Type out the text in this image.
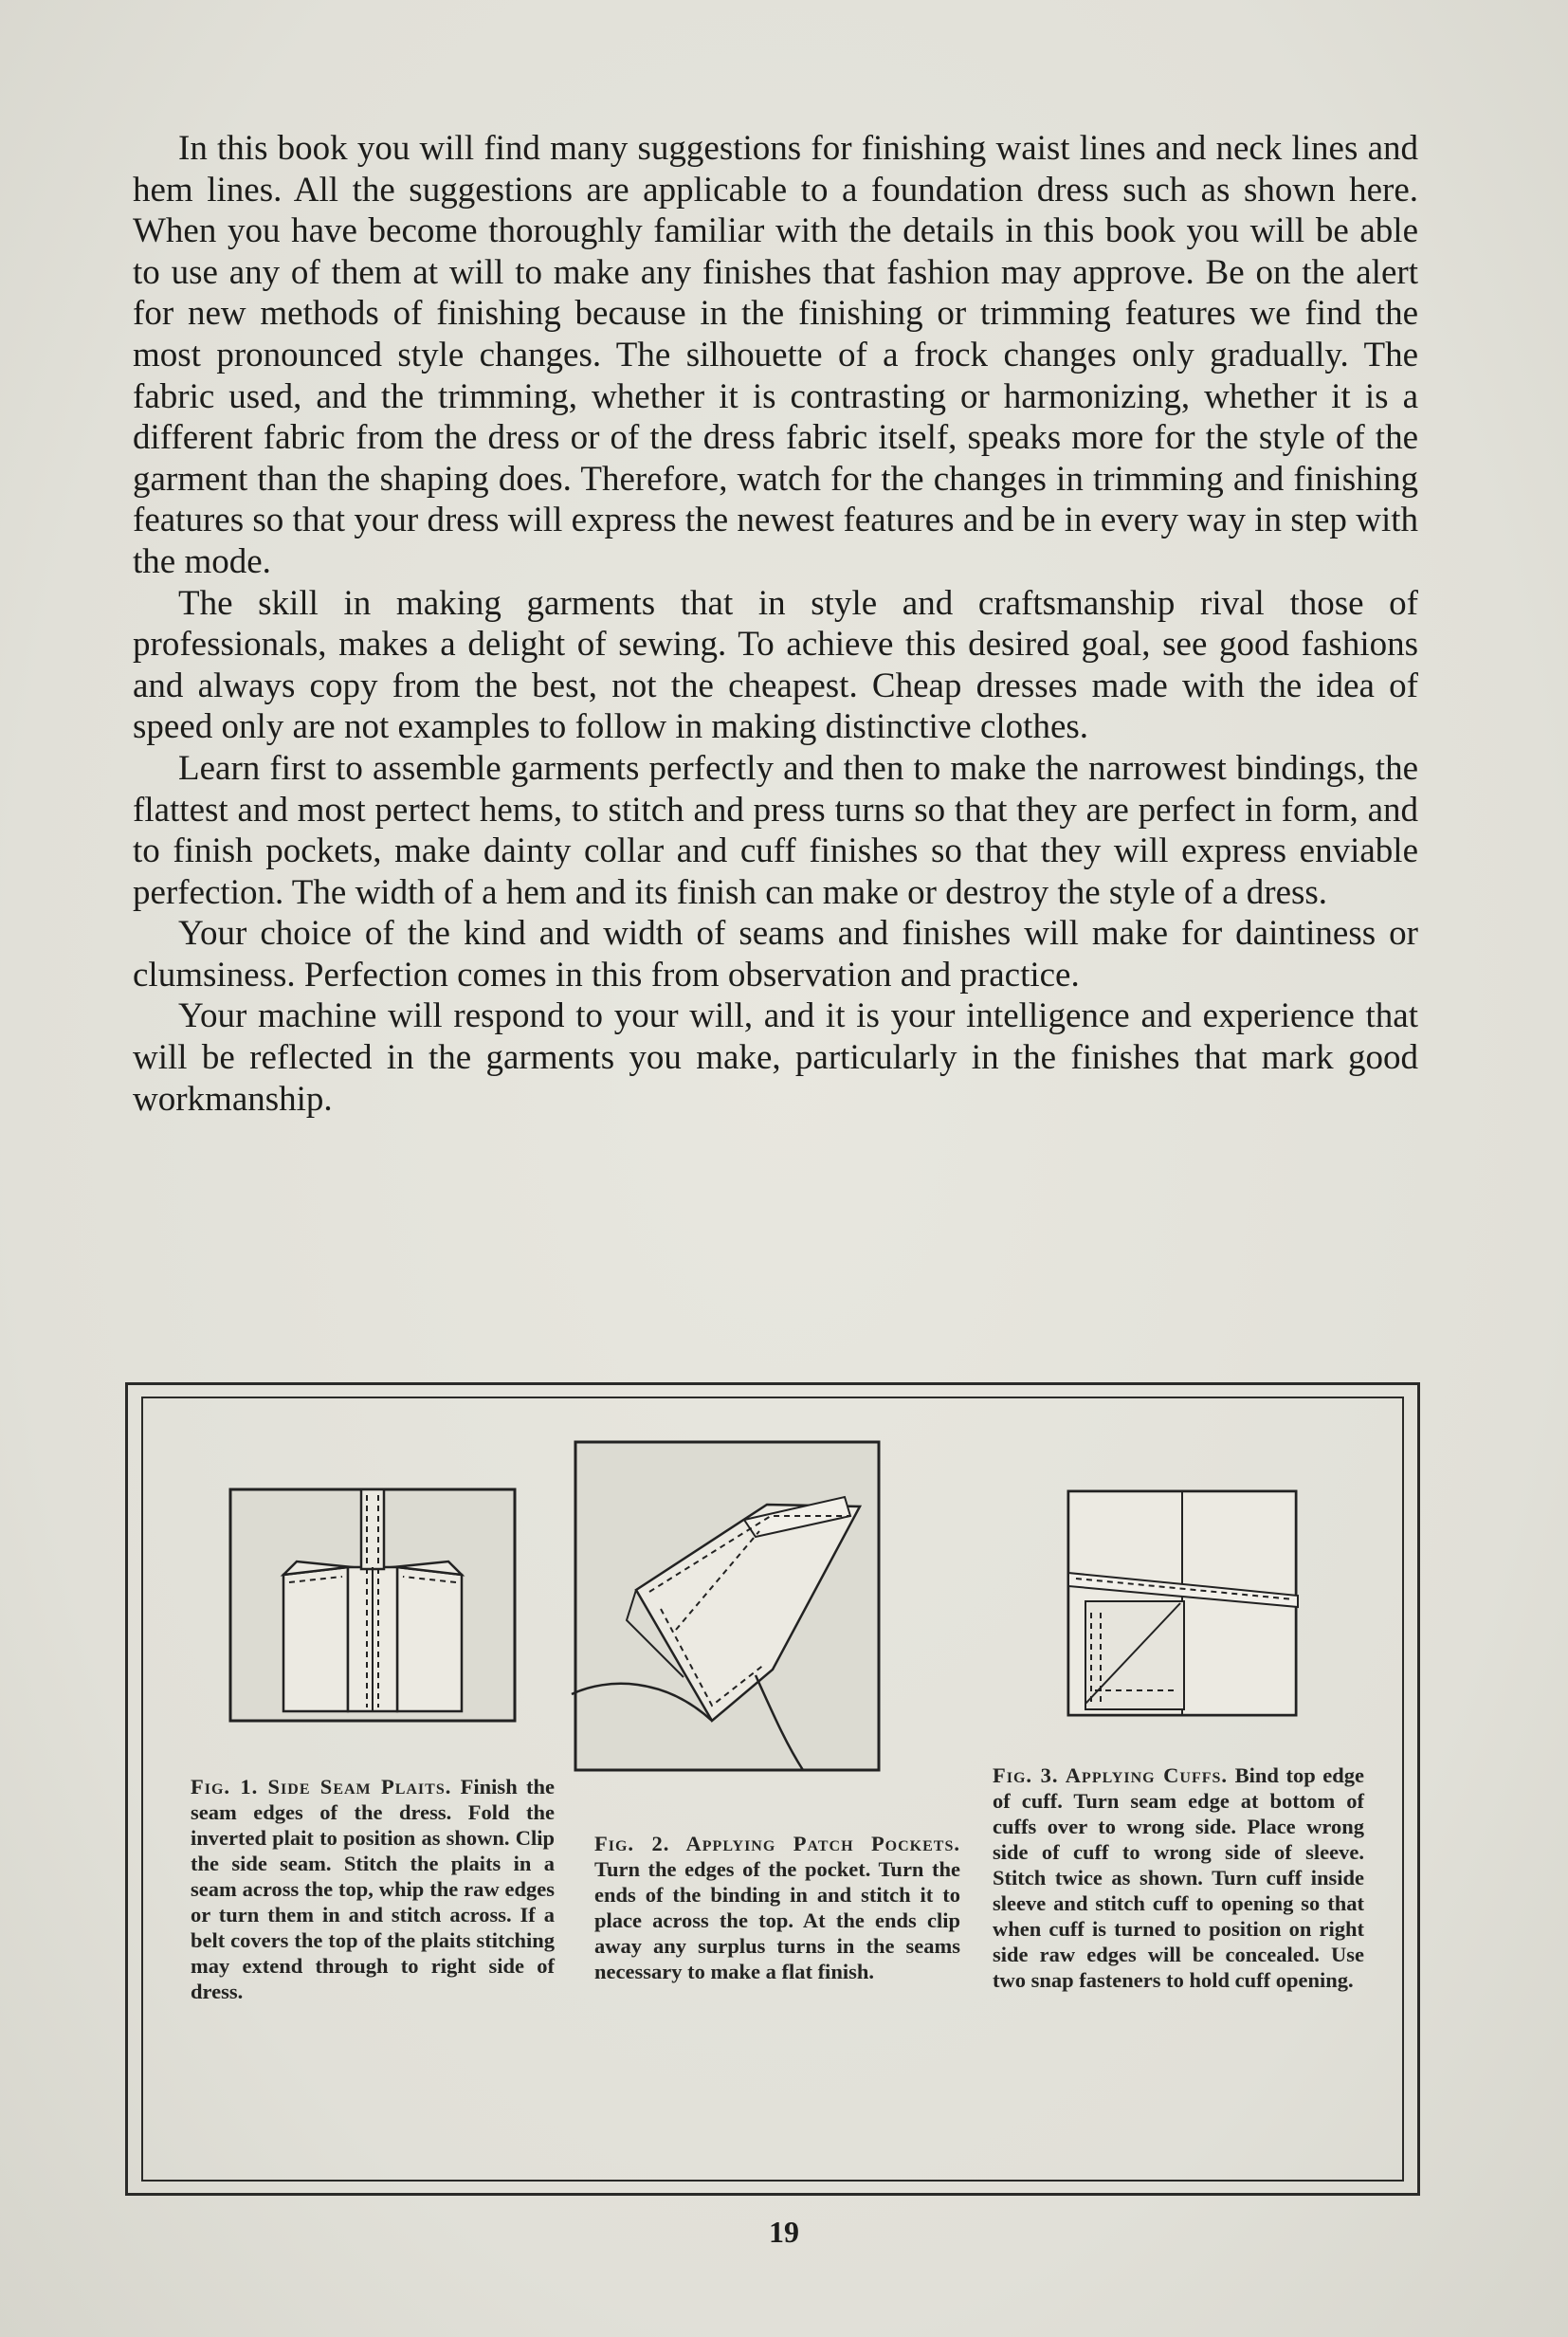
In this book you will find many suggestions for finishing waist lines and neck lines and hem lines. All the suggestions are applicable to a foundation dress such as shown here. When you have become thoroughly familiar with the details in this book you will be able to use any of them at will to make any finishes that fashion may approve. Be on the alert for new methods of finishing because in the finishing or trimming features we find the most pronounced style changes. The silhouette of a frock changes only gradually. The fabric used, and the trimming, whether it is contrasting or harmonizing, whether it is a different fabric from the dress or of the dress fabric itself, speaks more for the style of the garment than the shaping does. Therefore, watch for the changes in trimming and finishing features so that your dress will express the newest features and be in every way in step with the mode.

The skill in making garments that in style and craftsmanship rival those of professionals, makes a delight of sewing. To achieve this desired goal, see good fashions and always copy from the best, not the cheapest. Cheap dresses made with the idea of speed only are not examples to follow in making distinctive clothes.

Learn first to assemble garments perfectly and then to make the narrowest bindings, the flattest and most pertect hems, to stitch and press turns so that they are perfect in form, and to finish pockets, make dainty collar and cuff finishes so that they will express enviable perfection. The width of a hem and its finish can make or destroy the style of a dress.

Your choice of the kind and width of seams and finishes will make for daintiness or clumsiness. Perfection comes in this from observation and practice.

Your machine will respond to your will, and it is your intelligence and experience that will be reflected in the garments you make, particularly in the finishes that mark good workmanship.

Fig. 1. Side Seam Plaits. Finish the seam edges of the dress. Fold the inverted plait to position as shown. Clip the side seam. Stitch the plaits in a seam across the top, whip the raw edges or turn them in and stitch across. If a belt covers the top of the plaits stitching may extend through to right side of dress.
Fig. 2. Applying Patch Pockets. Turn the edges of the pocket. Turn the ends of the binding in and stitch it to place across the top. At the ends clip away any surplus turns in the seams necessary to make a flat finish.
Fig. 3. Applying Cuffs. Bind top edge of cuff. Turn seam edge at bottom of cuffs over to wrong side. Place wrong side of cuff to wrong side of sleeve. Stitch twice as shown. Turn cuff inside sleeve and stitch cuff to opening so that when cuff is turned to position on right side raw edges will be concealed. Use two snap fasteners to hold cuff opening.
19
